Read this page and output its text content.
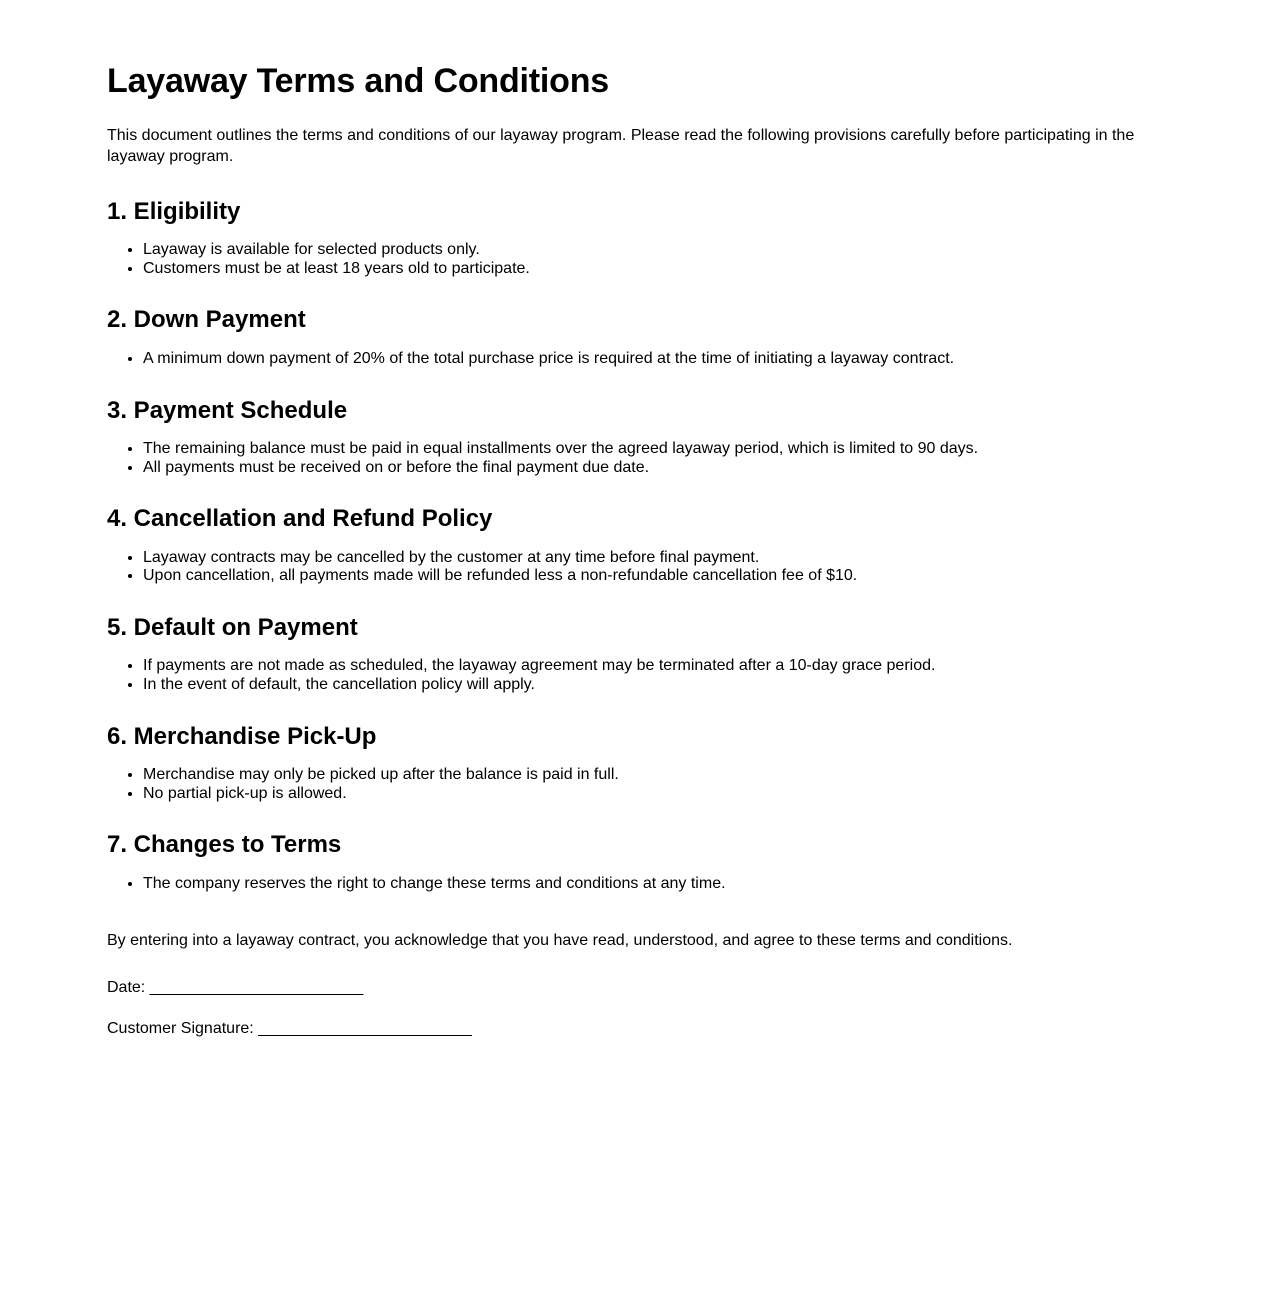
Layaway Terms and Conditions

This document outlines the terms and conditions of our layaway program. Please read the following provisions carefully before participating in the layaway program.

1. Eligibility
• Layaway is available for selected products only.
• Customers must be at least 18 years old to participate.
2. Down Payment
• A minimum down payment of 20% of the total purchase price is required at the time of initiating a layaway contract.
3. Payment Schedule
• The remaining balance must be paid in equal installments over the agreed layaway period, which is limited to 90 days.
• All payments must be received on or before the final payment due date.
4. Cancellation and Refund Policy
• Layaway contracts may be cancelled by the customer at any time before final payment.
• Upon cancellation, all payments made will be refunded less a non-refundable cancellation fee of $10.
5. Default on Payment
• If payments are not made as scheduled, the layaway agreement may be terminated after a 10-day grace period.
• In the event of default, the cancellation policy will apply.
6. Merchandise Pick-Up
• Merchandise may only be picked up after the balance is paid in full.
• No partial pick-up is allowed.
7. Changes to Terms
• The company reserves the right to change these terms and conditions at any time.

By entering into a layaway contract, you acknowledge that you have read, understood, and agree to these terms and conditions.

Date: ________________________
Customer Signature: ________________________
